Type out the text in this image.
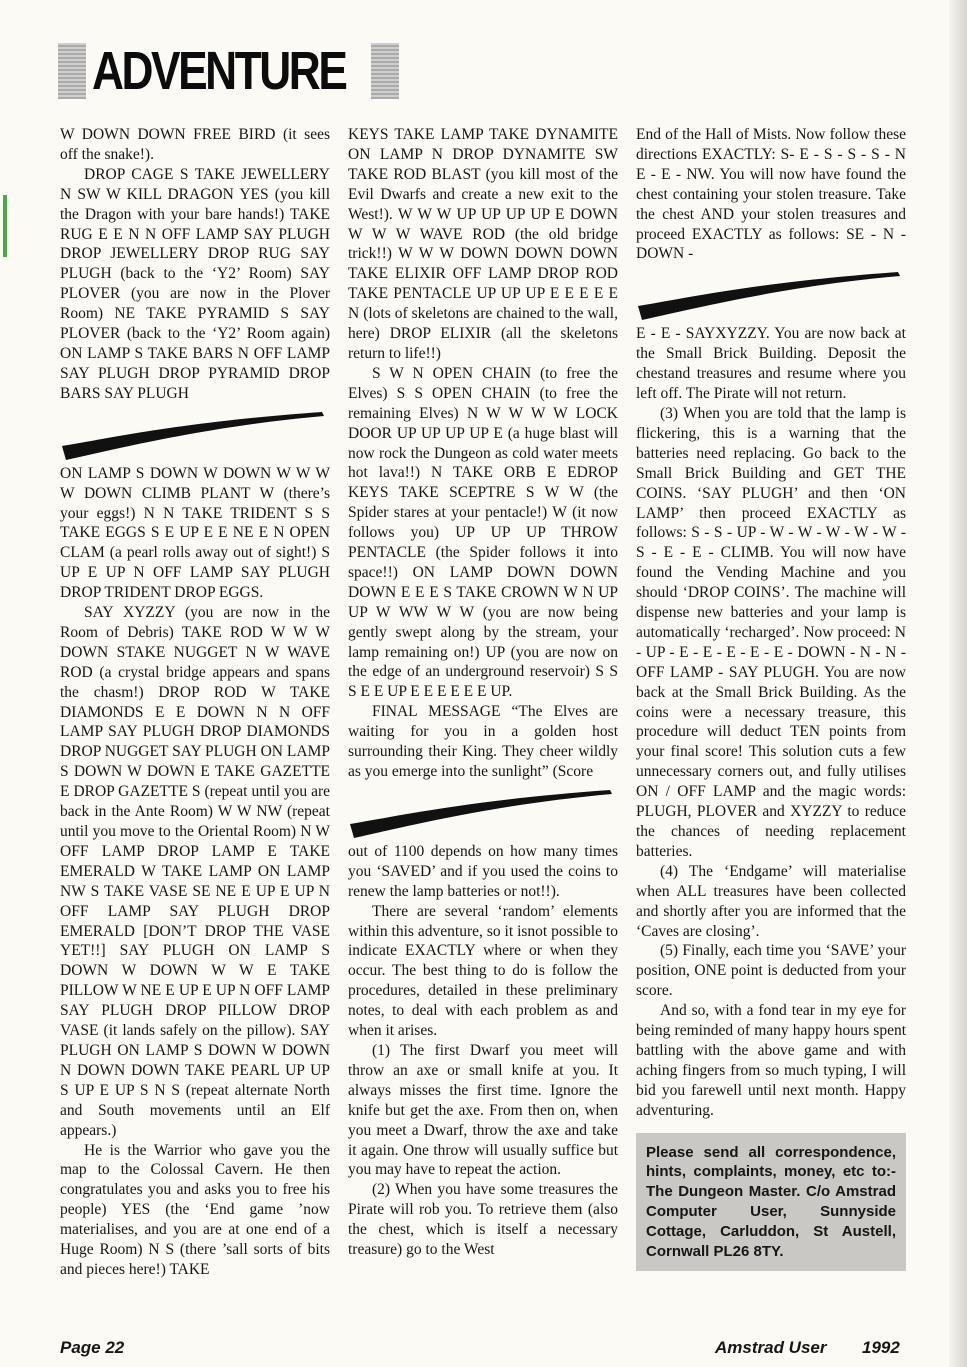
ADVENTURE

W DOWN DOWN FREE BIRD (it sees off the snake!).

DROP CAGE S TAKE JEWELLERY N SW W KILL DRAGON YES (you kill the Dragon with your bare hands!) TAKE RUG E E N N OFF LAMP SAY PLUGH DROP JEWELLERY DROP RUG SAY PLUGH (back to the ‘Y2’ Room) SAY PLOVER (you are now in the Plover Room) NE TAKE PYRAMID S SAY PLOVER (back to the ‘Y2’ Room again) ON LAMP S TAKE BARS N OFF LAMP SAY PLUGH DROP PYRAMID DROP BARS SAY PLUGH

ON LAMP S DOWN W DOWN W W W W DOWN CLIMB PLANT W (there’s your eggs!) N N TAKE TRIDENT S S TAKE EGGS S E UP E E NE E N OPEN CLAM (a pearl rolls away out of sight!) S UP E UP N OFF LAMP SAY PLUGH DROP TRIDENT DROP EGGS.

SAY XYZZY (you are now in the Room of Debris) TAKE ROD W W W DOWN STAKE NUGGET N W WAVE ROD (a crystal bridge appears and spans the chasm!) DROP ROD W TAKE DIAMONDS E E DOWN N N OFF LAMP SAY PLUGH DROP DIAMONDS DROP NUGGET SAY PLUGH ON LAMP S DOWN W DOWN E TAKE GAZETTE E DROP GAZETTE S (repeat until you are back in the Ante Room) W W NW (repeat until you move to the Oriental Room) N W OFF LAMP DROP LAMP E TAKE EMERALD W TAKE LAMP ON LAMP NW S TAKE VASE SE NE E UP E UP N OFF LAMP SAY PLUGH DROP EMERALD [DON’T DROP THE VASE YET!!] SAY PLUGH ON LAMP S DOWN W DOWN W W E TAKE PILLOW W NE E UP E UP N OFF LAMP SAY PLUGH DROP PILLOW DROP VASE (it lands safely on the pillow). SAY PLUGH ON LAMP S DOWN W DOWN N DOWN DOWN TAKE PEARL UP UP S UP E UP S N S (repeat alternate North and South movements until an Elf appears.)

He is the Warrior who gave you the map to the Colossal Cavern. He then congratulates you and asks you to free his people) YES (the ‘End game ’now materialises, and you are at one end of a Huge Room) N S (there ’sall sorts of bits and pieces here!) TAKE

KEYS TAKE LAMP TAKE DYNAMITE ON LAMP N DROP DYNAMITE SW TAKE ROD BLAST (you kill most of the Evil Dwarfs and create a new exit to the West!). W W W UP UP UP UP E DOWN W W W WAVE ROD (the old bridge trick!!) W W W DOWN DOWN DOWN TAKE ELIXIR OFF LAMP DROP ROD TAKE PENTACLE UP UP UP E E E E E N (lots of skeletons are chained to the wall, here) DROP ELIXIR (all the skeletons return to life!!)

S W N OPEN CHAIN (to free the Elves) S S OPEN CHAIN (to free the remaining Elves) N W W W W LOCK DOOR UP UP UP UP E (a huge blast will now rock the Dungeon as cold water meets hot lava!!) N TAKE ORB E EDROP KEYS TAKE SCEPTRE S W W (the Spider stares at your pentacle!) W (it now follows you) UP UP UP THROW PENTACLE (the Spider follows it into space!!) ON LAMP DOWN DOWN DOWN E E E S TAKE CROWN W N UP UP W WW W W (you are now being gently swept along by the stream, your lamp remaining on!) UP (you are now on the edge of an underground reservoir) S S S E E UP E E E E E E UP.

FINAL MESSAGE “The Elves are waiting for you in a golden host surrounding their King. They cheer wildly as you emerge into the sunlight” (Score

out of 1100 depends on how many times you ‘SAVED’ and if you used the coins to renew the lamp batteries or not!!).

There are several ‘random’ elements within this adventure, so it isnot possible to indicate EXACTLY where or when they occur. The best thing to do is follow the procedures, detailed in these preliminary notes, to deal with each problem as and when it arises.

(1) The first Dwarf you meet will throw an axe or small knife at you. It always misses the first time. Ignore the knife but get the axe. From then on, when you meet a Dwarf, throw the axe and take it again. One throw will usually suffice but you may have to repeat the action.

(2) When you have some treasures the Pirate will rob you. To retrieve them (also the chest, which is itself a necessary treasure) go to the West

End of the Hall of Mists. Now follow these directions EXACTLY: S- E - S - S - S - N E - E - NW. You will now have found the chest containing your stolen treasure. Take the chest AND your stolen treasures and proceed EXACTLY as follows: SE - N - DOWN -

E - E - SAYXYZZY. You are now back at the Small Brick Building. Deposit the chestand treasures and resume where you left off. The Pirate will not return.

(3) When you are told that the lamp is flickering, this is a warning that the batteries need replacing. Go back to the Small Brick Building and GET THE COINS. ‘SAY PLUGH’ and then ‘ON LAMP’ then proceed EXACTLY as follows: S - S - UP - W - W - W - W - W - S - E - E - CLIMB. You will now have found the Vending Machine and you should ‘DROP COINS’. The machine will dispense new batteries and your lamp is automatically ‘recharged’. Now proceed: N - UP - E - E - E - E - E - DOWN - N - N -OFF LAMP - SAY PLUGH. You are now back at the Small Brick Building. As the coins were a necessary treasure, this procedure will deduct TEN points from your final score! This solution cuts a few unnecessary corners out, and fully utilises ON / OFF LAMP and the magic words: PLUGH, PLOVER and XYZZY to reduce the chances of needing replacement batteries.

(4) The ‘Endgame’ will materialise when ALL treasures have been collected and shortly after you are informed that the ‘Caves are closing’.

(5) Finally, each time you ‘SAVE’ your position, ONE point is deducted from your score.

And so, with a fond tear in my eye for being reminded of many happy hours spent battling with the above game and with aching fingers from so much typing, I will bid you farewell until next month. Happy adventuring.

Please send all correspondence, hints, complaints, money, etc to:- The Dungeon Master. C/o Amstrad Computer User, Sunnyside Cottage, Carluddon, St Austell, Cornwall PL26 8TY.

Page 22	Amstrad User 1992
